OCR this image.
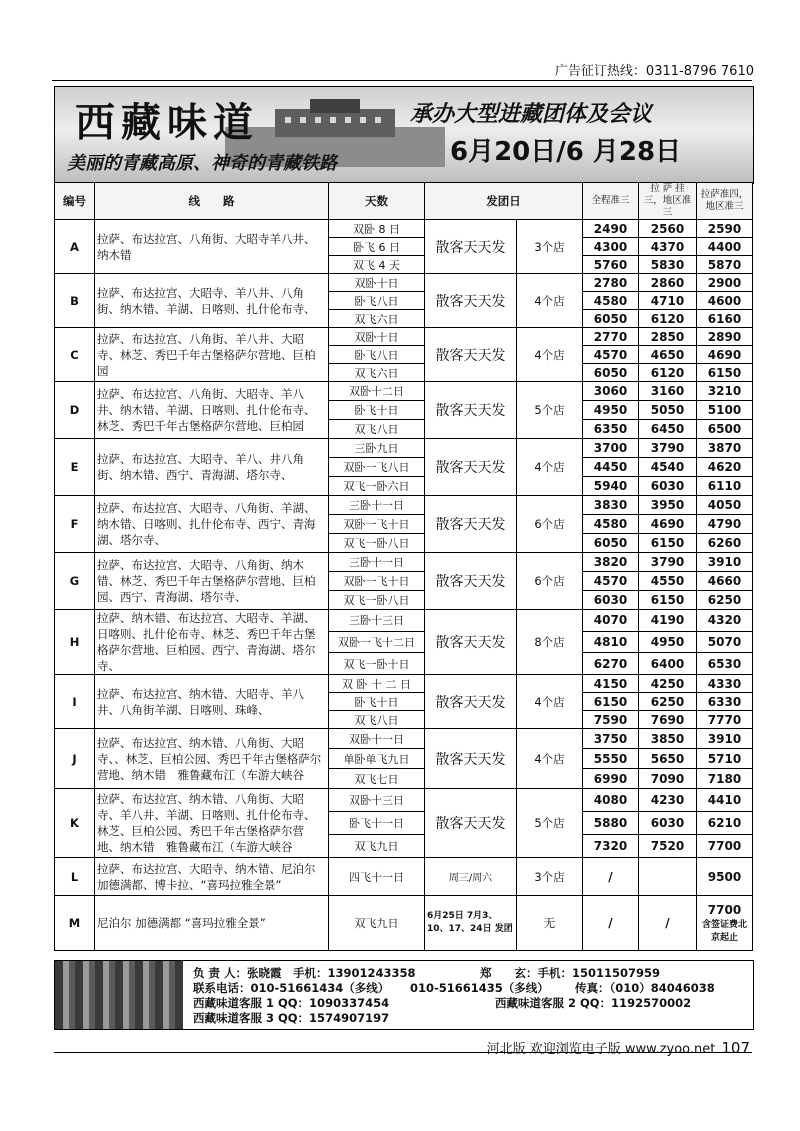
广告征订热线：0311-8796 7610
西藏味道
美丽的青藏高原、神奇的青藏铁路
承办大型进藏团体及会议
6月20日/6 月28日
编号	线　　路	天数	发团日		全程准三	拉 萨 挂三，地区准三	拉萨准四，地区准三
A	拉萨、布达拉宫、八角街、大昭寺羊八井、纳木错	双卧 8 日	散客天天发	3个店	2490	2560	2590
		卧飞 6 日			4300	4370	4400
		双飞 4 天			5760	5830	5870
B	拉萨、布达拉宫、大昭寺、羊八井、八角街、纳木错、羊湖、日喀则、扎什伦布寺、	双卧十日	散客天天发	4个店	2780	2860	2900
		卧飞八日			4580	4710	4600
		双飞六日			6050	6120	6160
C	拉萨、布达拉宫、八角街、羊八井、大昭寺、林芝、秀巴千年古堡格萨尔营地、巨柏园	双卧十日	散客天天发	4个店	2770	2850	2890
		卧飞八日			4570	4650	4690
		双飞六日			6050	6120	6150
D	拉萨、布达拉宫、八角街、大昭寺、羊八井、纳木错、羊湖、日喀则、扎什伦布寺、林芝、秀巴千年古堡格萨尔营地、巨柏园	双卧十二日	散客天天发	5个店	3060	3160	3210
		卧飞十日			4950	5050	5100
		双飞八日			6350	6450	6500
E	拉萨、布达拉宫、大昭寺、羊八、井八角街、纳木错、西宁、青海湖、塔尔寺、	三卧九日	散客天天发	4个店	3700	3790	3870
		双卧一飞八日			4450	4540	4620
		双飞一卧六日			5940	6030	6110
F	拉萨、布达拉宫、大昭寺、八角街、羊湖、纳木错、日喀则、扎什伦布寺、西宁、青海湖、塔尔寺、	三卧十一日	散客天天发	6个店	3830	3950	4050
		双卧一飞十日			4580	4690	4790
		双飞一卧八日			6050	6150	6260
G	拉萨、布达拉宫、大昭寺、八角街、纳木错、林芝、秀巴千年古堡格萨尔营地、巨柏园、西宁、青海湖、塔尔寺、	三卧十一日	散客天天发	6个店	3820	3790	3910
		双卧一飞十日			4570	4550	4660
		双飞一卧八日			6030	6150	6250
H	拉萨、纳木错、布达拉宫、大昭寺、羊湖、日喀则、扎什伦布寺、林芝、秀巴千年古堡格萨尔营地、巨柏园、西宁、青海湖、塔尔寺、	三卧十三日	散客天天发	8个店	4070	4190	4320
		双卧一飞十二日			4810	4950	5070
		双飞一卧十日			6270	6400	6530
I	拉萨、布达拉宫、纳木错、大昭寺、羊八井、八角街羊湖、日喀则、珠峰、	双 卧 十 二 日	散客天天发	4个店	4150	4250	4330
		卧飞十日			6150	6250	6330
		双飞八日			7590	7690	7770
J	拉萨、布达拉宫、纳木错、八角街、大昭寺、、林芝、巨柏公园、秀巴千年古堡格萨尔营地、纳木错　雅鲁藏布江（车游大峡谷	双卧十一日	散客天天发	4个店	3750	3850	3910
		单卧单飞九日			5550	5650	5710
		双飞七日			6990	7090	7180
K	拉萨、布达拉宫、纳木错、八角街、大昭寺、羊八井、羊湖、日喀则、扎什伦布寺、林芝、巨柏公园、秀巴千年古堡格萨尔营地、纳木错　雅鲁藏布江（车游大峡谷	双卧十三日	散客天天发	5个店	4080	4230	4410
		卧飞十一日			5880	6030	6210
		双飞九日			7320	7520	7700
L	拉萨、布达拉宫、大昭寺、纳木错、尼泊尔加德满都、博卡拉、“喜玛拉雅全景”	四飞十一日	周三/周六	3个店	/		9500
M	尼泊尔 加德满都 “喜玛拉雅全景”	双飞九日	6月25日 7月3、10、17、24日 发团	无	/	/	7700
含签证费北京起止
负 责 人：张晓霞　手机：13901243358	郑　　玄：手机：15011507959
联系电话：010-51661434（多线） 010-51661435（多线） 传真：（010）84046038
西藏味道客服 1 QQ：1090337454	西藏味道客服 2 QQ：1192570002
西藏味道客服 3 QQ：1574907197
河北版 欢迎浏览电子版 www.zyoo.net 107
